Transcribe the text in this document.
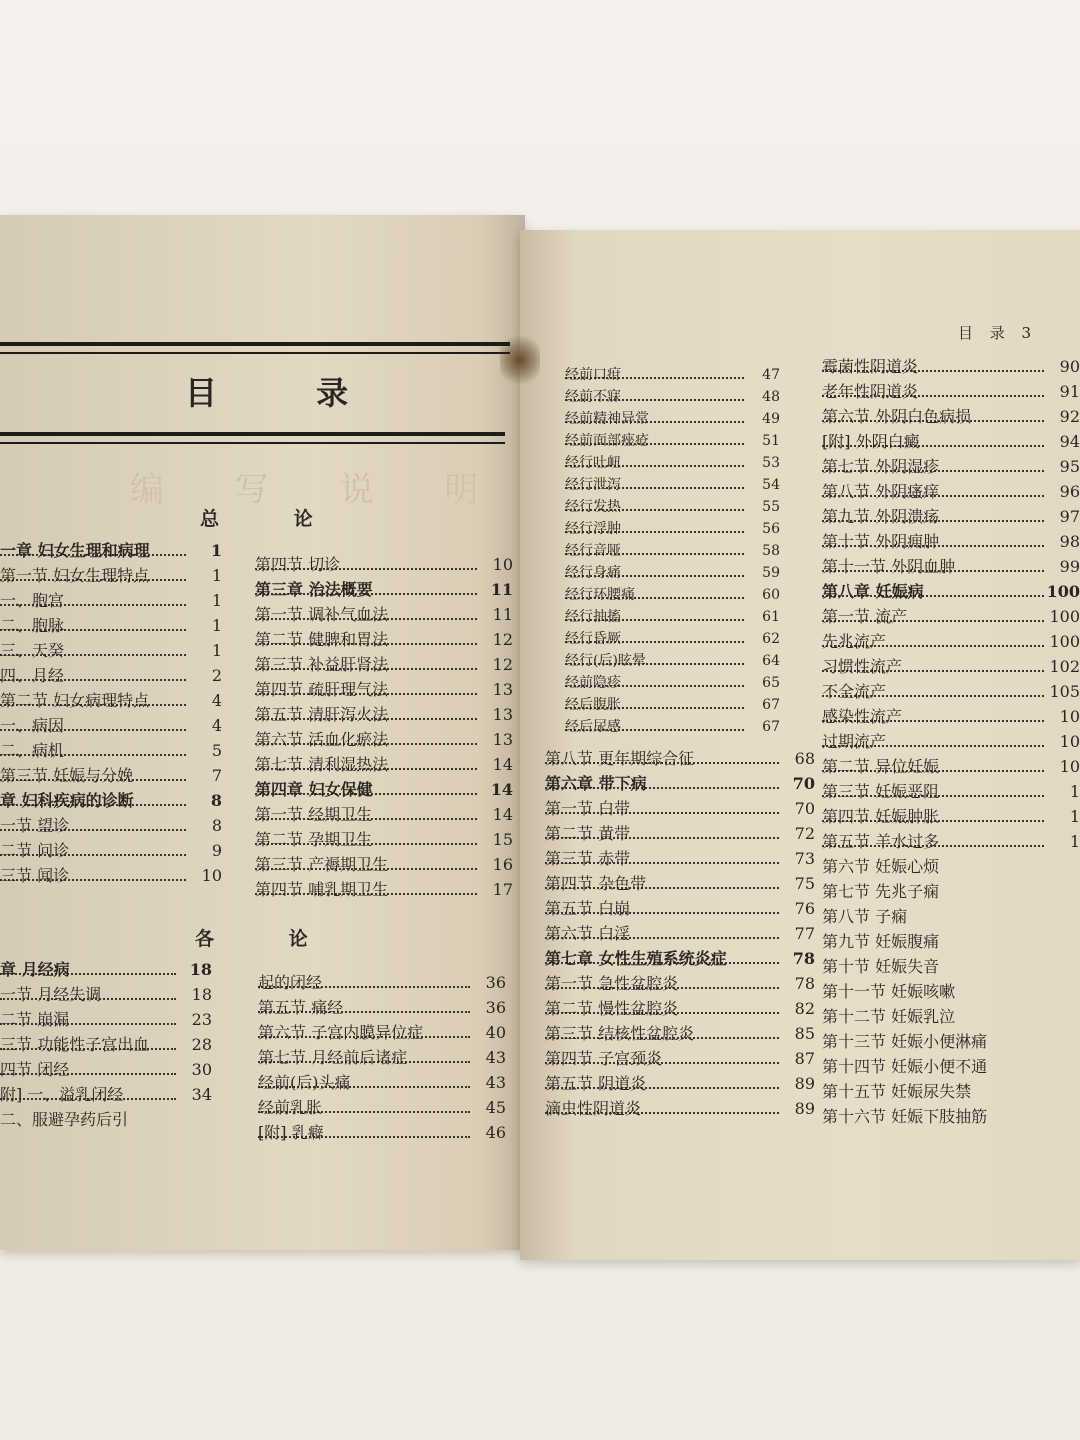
目 录
编 写 说 明
目 录 3
总 论
各 论
一章 妇女生理和病理	1
第一节 妇女生理特点	1
一、胞宫	1
二、胞脉	1
三、天癸	1
四、月经	2
第二节 妇女病理特点	4
一、病因	4
二、病机	5
第三节 妊娠与分娩	7
章 妇科疾病的诊断	8
一节 望诊	8
二节 问诊	9
三节 闻诊	10
第四节 切诊	10
第三章 治法概要	11
第一节 调补气血法	11
第二节 健脾和胃法	12
第三节 补益肝肾法	12
第四节 疏肝理气法	13
第五节 清肝泻火法	13
第六节 活血化瘀法	13
第七节 清利湿热法	14
第四章 妇女保健	14
第一节 经期卫生	14
第二节 孕期卫生	15
第三节 产褥期卫生	16
第四节 哺乳期卫生	17
章 月经病	18
一节 月经失调	18
二节 崩漏	23
三节 功能性子宫出血	28
四节 闭经	30
附] 一、溢乳闭经	34
二、服避孕药后引
起的闭经	36
第五节 痛经	36
第六节 子宫内膜异位症	40
第七节 月经前后诸症	43
经前(后)头痛	43
经前乳胀	45
[附] 乳癖	46
经前口疳	47
经前不寐	48
经前精神异常	49
经前面部痤疮	51
经行吐衄	53
经行泄泻	54
经行发热	55
经行浮肿	56
经行音哑	58
经行身痛	59
经行环腰痛	60
经行抽搐	61
经行昏厥	62
经行(后)眩晕	64
经前隐疹	65
经后腹胀	67
经后尿感	67
第八节 更年期综合征	68
第六章 带下病	70
第一节 白带	70
第二节 黄带	72
第三节 赤带	73
第四节 杂色带	75
第五节 白崩	76
第六节 白淫	77
第七章 女性生殖系统炎症	78
第一节 急性盆腔炎	78
第二节 慢性盆腔炎	82
第三节 结核性盆腔炎	85
第四节 子宫颈炎	87
第五节 阴道炎	89
滴虫性阴道炎	89
霉菌性阴道炎	90
老年性阴道炎	91
第六节 外阴白色病损	92
[附] 外阴白癜	94
第七节 外阴湿疹	95
第八节 外阴瘙痒	96
第九节 外阴溃疡	97
第十节 外阴痈肿	98
第十一节 外阴血肿	99
第八章 妊娠病	100
第一节 流产	100
先兆流产	100
习惯性流产	102
不全流产	105
感染性流产	10
过期流产	10
第二节 异位妊娠	10
第三节 妊娠恶阻	1
第四节 妊娠肿胀	1
第五节 羊水过多	1
第六节 妊娠心烦
第七节 先兆子痫
第八节 子痫
第九节 妊娠腹痛
第十节 妊娠失音
第十一节 妊娠咳嗽
第十二节 妊娠乳泣
第十三节 妊娠小便淋痛
第十四节 妊娠小便不通
第十五节 妊娠尿失禁
第十六节 妊娠下肢抽筋
